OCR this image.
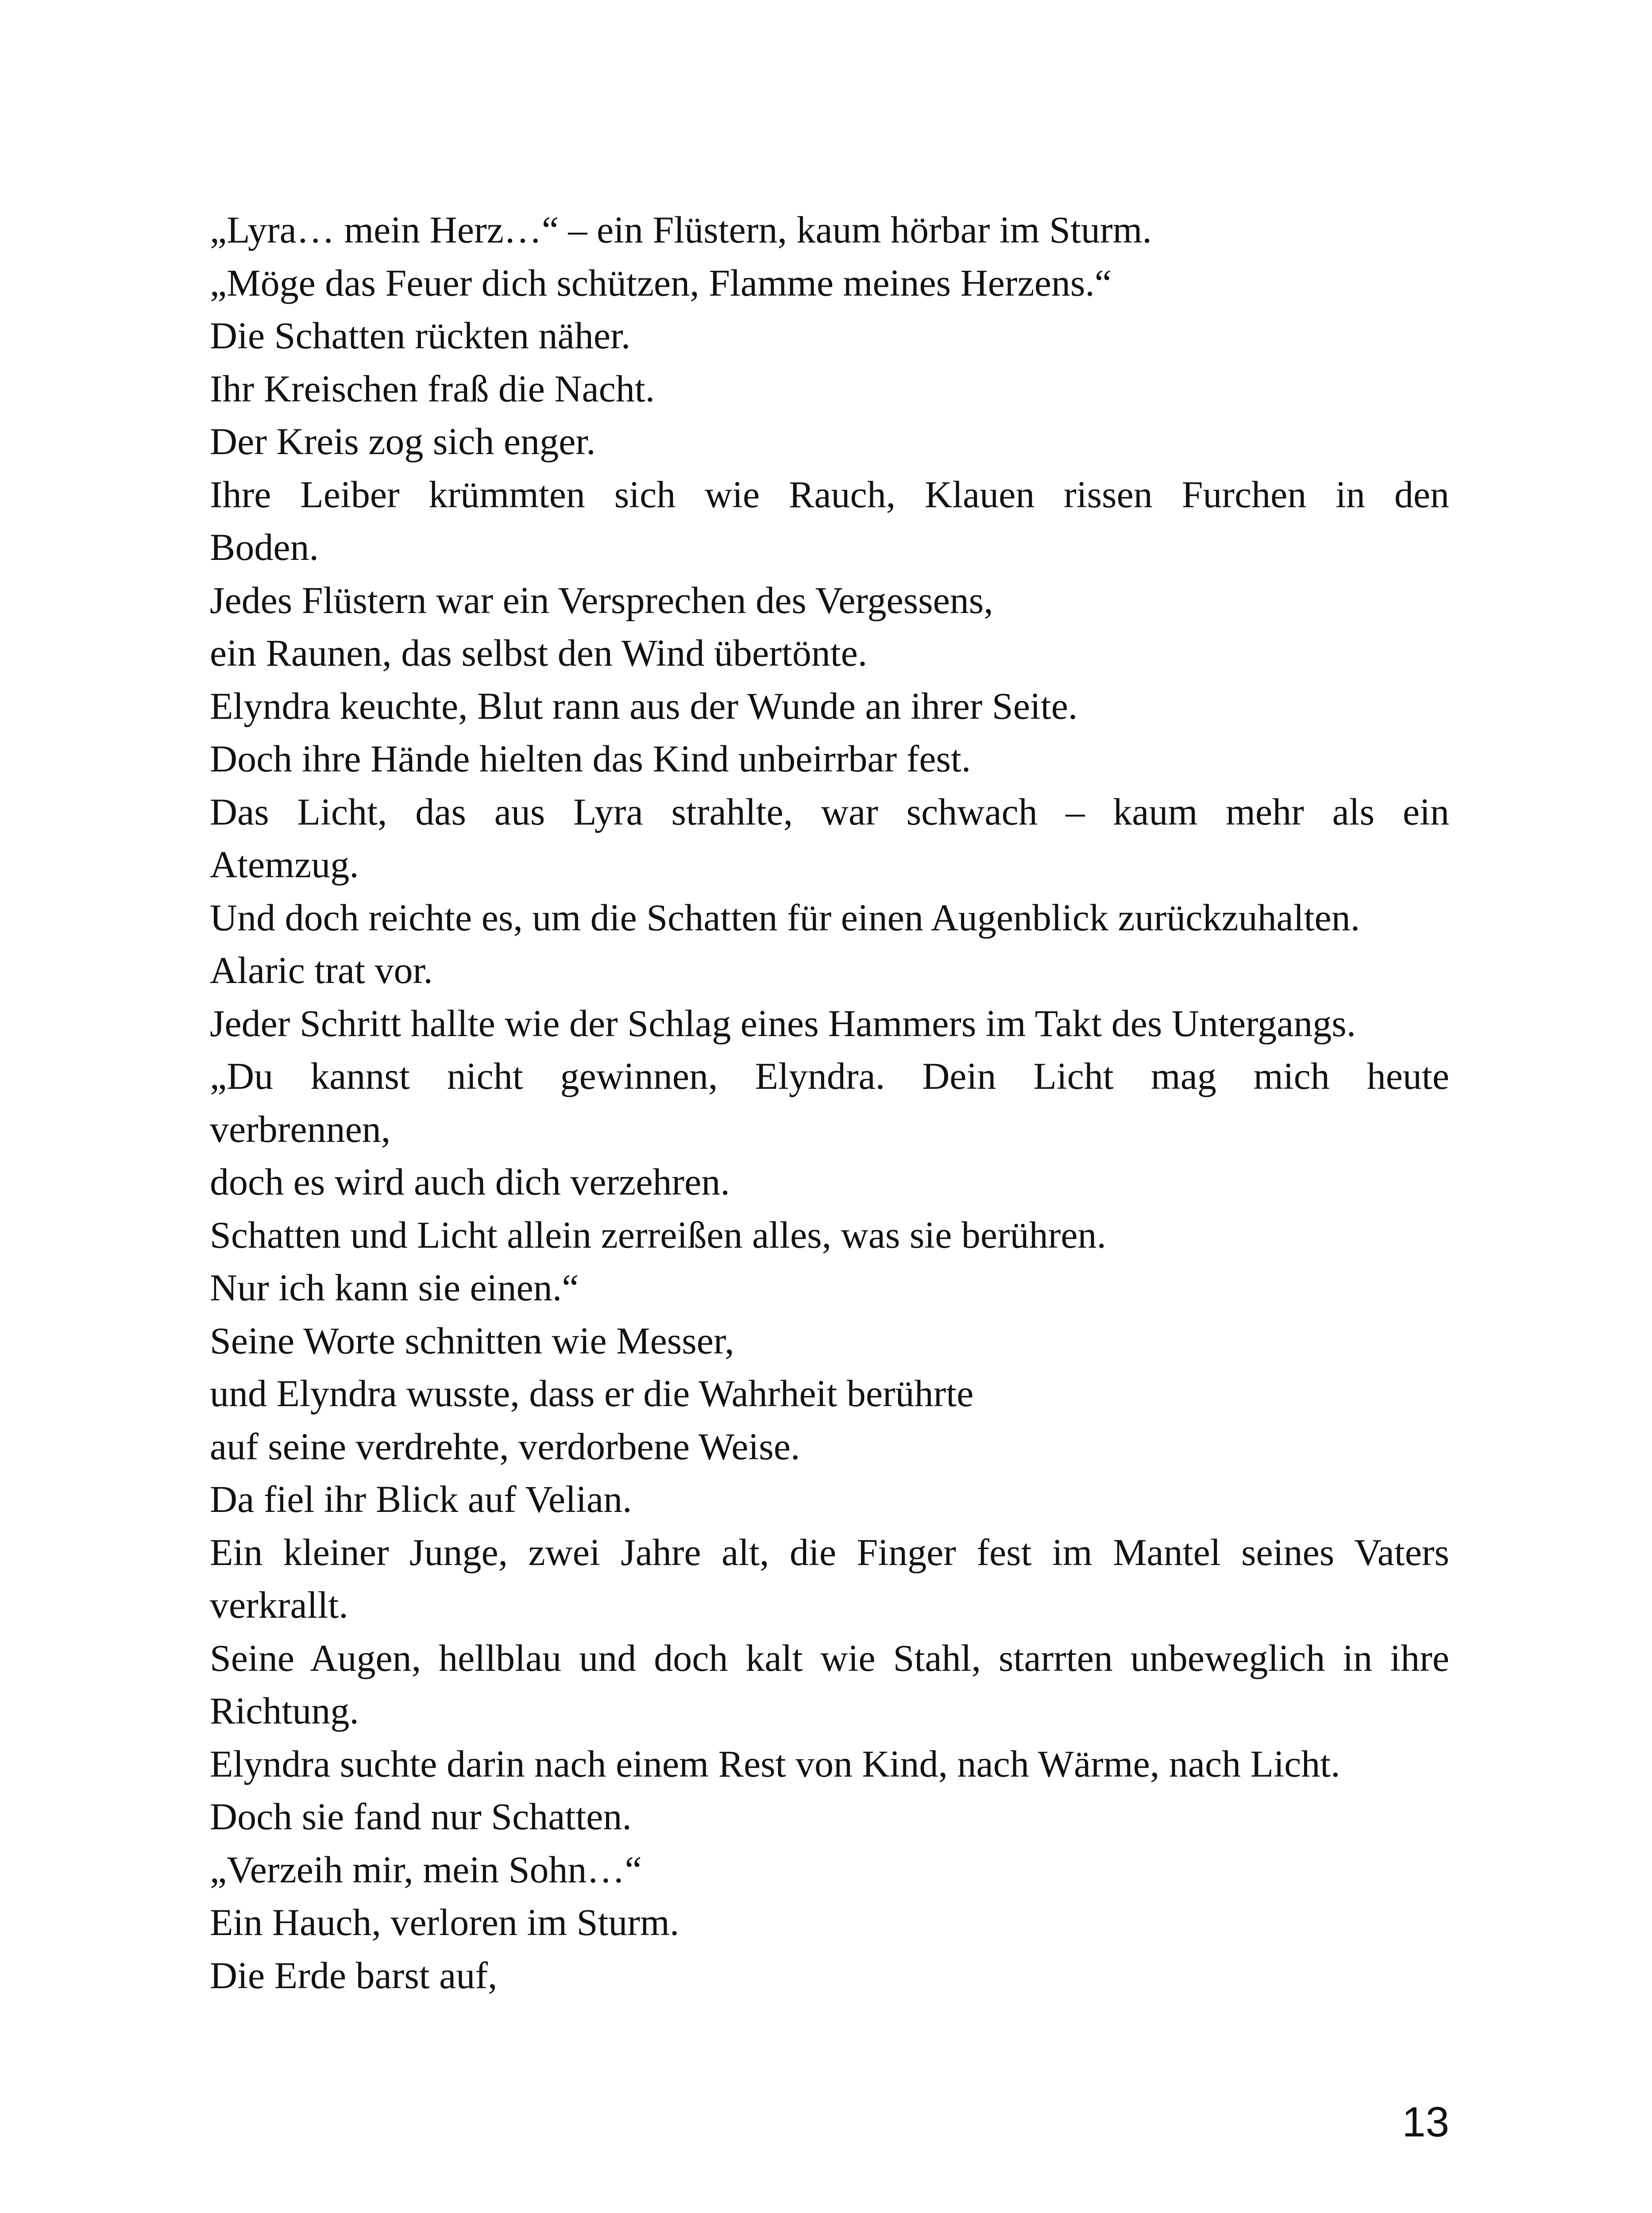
„Lyra… mein Herz…“ – ein Flüstern, kaum hörbar im Sturm.
„Möge das Feuer dich schützen, Flamme meines Herzens.“
Die Schatten rückten näher.
Ihr Kreischen fraß die Nacht.
Der Kreis zog sich enger.
Ihre Leiber krümmten sich wie Rauch, Klauen rissen Furchen in den
Boden.
Jedes Flüstern war ein Versprechen des Vergessens,
ein Raunen, das selbst den Wind übertönte.
Elyndra keuchte, Blut rann aus der Wunde an ihrer Seite.
Doch ihre Hände hielten das Kind unbeirrbar fest.
Das Licht, das aus Lyra strahlte, war schwach – kaum mehr als ein
Atemzug.
Und doch reichte es, um die Schatten für einen Augenblick zurückzuhalten.
Alaric trat vor.
Jeder Schritt hallte wie der Schlag eines Hammers im Takt des Untergangs.
„Du kannst nicht gewinnen, Elyndra. Dein Licht mag mich heute
verbrennen,
doch es wird auch dich verzehren.
Schatten und Licht allein zerreißen alles, was sie berühren.
Nur ich kann sie einen.“
Seine Worte schnitten wie Messer,
und Elyndra wusste, dass er die Wahrheit berührte
auf seine verdrehte, verdorbene Weise.
Da fiel ihr Blick auf Velian.
Ein kleiner Junge, zwei Jahre alt, die Finger fest im Mantel seines Vaters
verkrallt.
Seine Augen, hellblau und doch kalt wie Stahl, starrten unbeweglich in ihre
Richtung.
Elyndra suchte darin nach einem Rest von Kind, nach Wärme, nach Licht.
Doch sie fand nur Schatten.
„Verzeih mir, mein Sohn…“
Ein Hauch, verloren im Sturm.
Die Erde barst auf,
13
